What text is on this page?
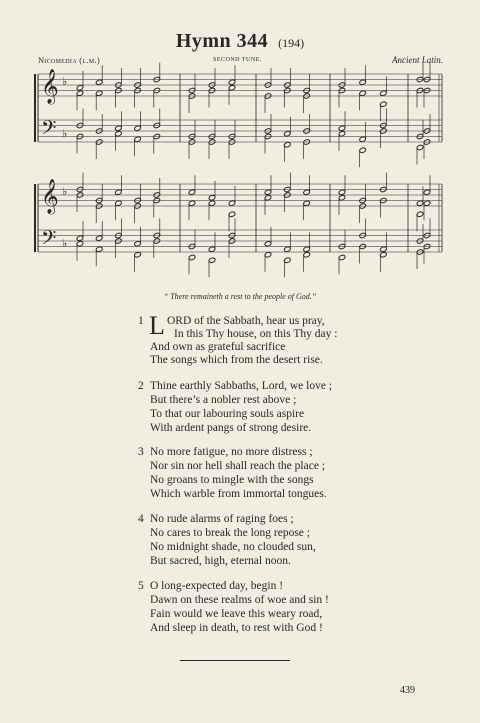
Hymn 344 (194)
Nicomedia (l.m.)	SECOND TUNE.	Ancient Latin.
𝄞
𝄢
♭
♭
𝄞
𝄢
♭
♭
“ There remaineth a rest to the people of God.”
1 L ORD of the Sabbath, hear us pray,
In this Thy house, on this Thy day :
And own as grateful sacrifice
The songs which from the desert rise.
2 Thine earthly Sabbaths, Lord, we love ;
But there’s a nobler rest above ;
To that our labouring souls aspire
With ardent pangs of strong desire.
3 No more fatigue, no more distress ;
Nor sin nor hell shall reach the place ;
No groans to mingle with the songs
Which warble from immortal tongues.
4 No rude alarms of raging foes ;
No cares to break the long repose ;
No midnight shade, no clouded sun,
But sacred, high, eternal noon.
5 O long-expected day, begin !
Dawn on these realms of woe and sin !
Fain would we leave this weary road,
And sleep in death, to rest with God !
439
